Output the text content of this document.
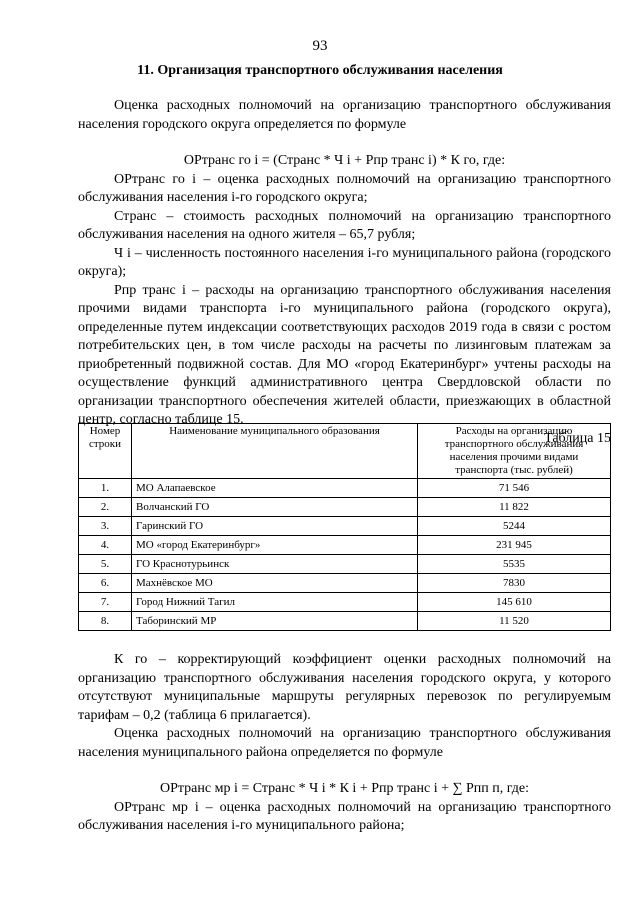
93
11. Организация транспортного обслуживания населения

Оценка расходных полномочий на организацию транспортного обслуживания населения городского округа определяется по формуле

ОРтранс го i = (Странс * Ч i + Рпр транс i) * К го, где:

ОРтранс го i – оценка расходных полномочий на организацию транспортного обслуживания населения i-го городского округа;

Странс – стоимость расходных полномочий на организацию транспортного обслуживания населения на одного жителя – 65,7 рубля;

Ч i – численность постоянного населения i-го муниципального района (городского округа);

Рпр транс i – расходы на организацию транспортного обслуживания населения прочими видами транспорта i-го муниципального района (городского округа), определенные путем индексации соответствующих расходов 2019 года в связи с ростом потребительских цен, в том числе расходы на расчеты по лизинговым платежам за приобретенный подвижной состав. Для МО «город Екатеринбург» учтены расходы на осуществление функций административного центра Свердловской области по организации транспортного обеспечения жителей области, приезжающих в областной центр, согласно таблице 15.

Таблица 15

Номер строки	Наименование муниципального образования	Расходы на организацию транспортного обслуживания населения прочими видами транспорта (тыс. рублей)
1.	МО Алапаевское	71 546
2.	Волчанский ГО	11 822
3.	Гаринский ГО	5244
4.	МО «город Екатеринбург»	231 945
5.	ГО Краснотурьинск	5535
6.	Махнёвское МО	7830
7.	Город Нижний Тагил	145 610
8.	Таборинский МР	11 520

К го – корректирующий коэффициент оценки расходных полномочий на организацию транспортного обслуживания населения городского округа, у которого отсутствуют муниципальные маршруты регулярных перевозок по регулируемым тарифам – 0,2 (таблица 6 прилагается).

Оценка расходных полномочий на организацию транспортного обслуживания населения муниципального района определяется по формуле

ОРтранс мр i = Странс * Ч i * К i + Рпр транс i + ∑ Рпп п, где:

ОРтранс мр i – оценка расходных полномочий на организацию транспортного обслуживания населения i-го муниципального района;
